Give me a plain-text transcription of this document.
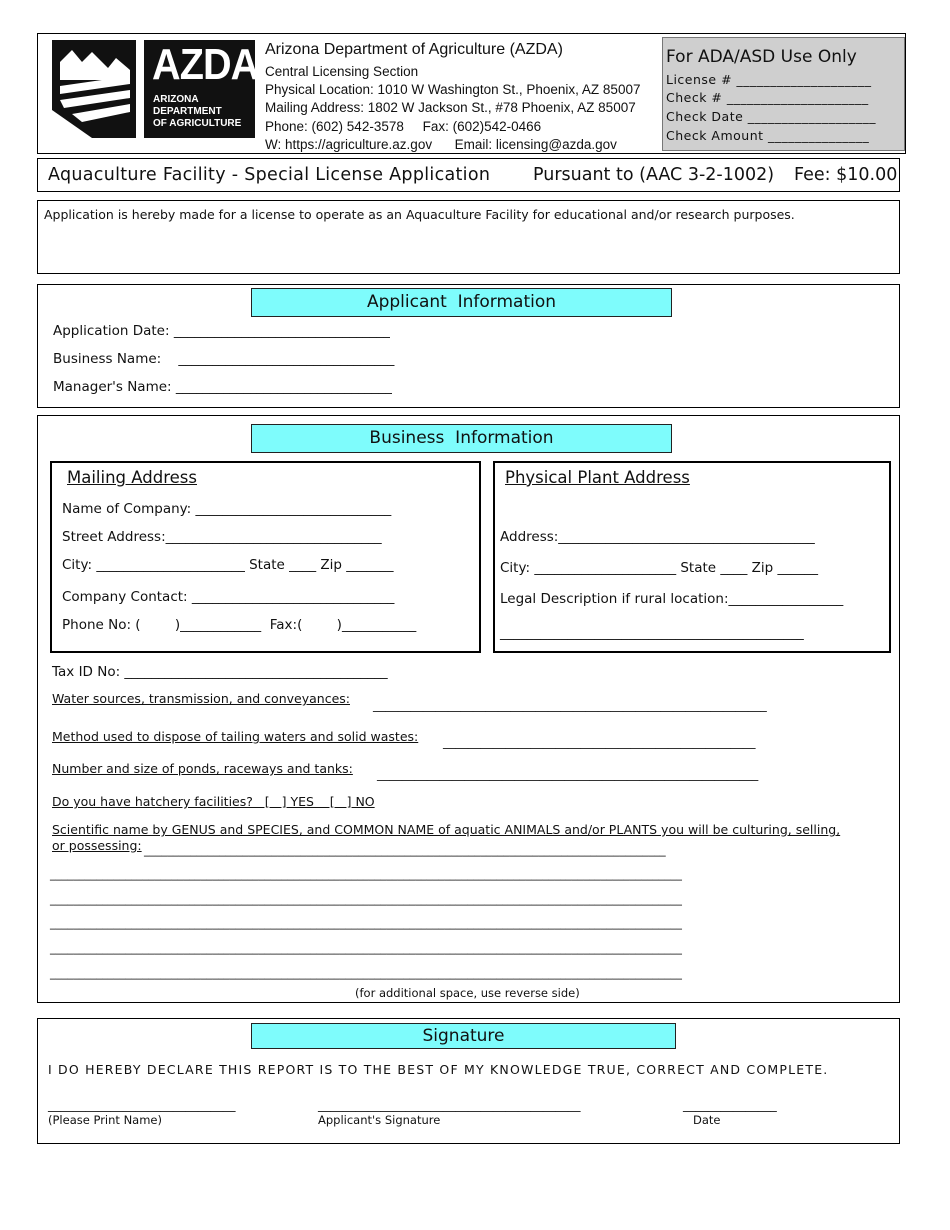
AZDA
ARIZONA
DEPARTMENT
OF AGRICULTURE
Arizona Department of Agriculture (AZDA)
Central Licensing Section
Physical Location: 1010 W Washington St., Phoenix, AZ 85007
Mailing Address: 1802 W Jackson St., #78 Phoenix, AZ 85007
Phone: (602) 542-3578     Fax: (602)542-0466
W: https://agriculture.az.gov      Email: licensing@azda.gov
For ADA/ASD Use Only
License # ____________________
Check # _____________________
Check Date ___________________
Check Amount _______________
Aquaculture Facility - Special License Application Pursuant to (AAC 3-2-1002) Fee: $10.00
Application is hereby made for a license to operate as an Aquaculture Facility for educational and/or research purposes.
Applicant  Information
Application Date: ________________________________
Business Name:    ________________________________
Manager's Name: ________________________________
Business  Information
Mailing Address
Name of Company: _____________________________
Street Address:________________________________
City: ______________________ State ____ Zip _______
Company Contact: ______________________________
Phone No: (        )____________  Fax:(        )___________
Physical Plant Address
Address:______________________________________
City: _____________________ State ____ Zip ______
Legal Description if rural location:_________________
_____________________________________________
Tax ID No: _______________________________________
Water sources, transmission, and conveyances: _______________________________________________________________
Method used to dispose of tailing waters and solid wastes: __________________________________________________
Number and size of ponds, raceways and tanks: _____________________________________________________________
Do you have hatchery facilities?   [   ] YES    [   ] NO
Scientific name by GENUS and SPECIES, and COMMON NAME of aquatic ANIMALS and/or PLANTS you will be culturing, selling,
or possessing: __________________________________________________________________________________________
_____________________________________________________________________________________________________________
_____________________________________________________________________________________________________________
_____________________________________________________________________________________________________________
_____________________________________________________________________________________________________________
_____________________________________________________________________________________________________________
(for additional space, use reverse side)
Signature
I DO HEREBY DECLARE THIS REPORT IS TO THE BEST OF MY KNOWLEDGE TRUE, CORRECT AND COMPLETE.
______________________________	__________________________________________	_______________
(Please Print Name)	Applicant's Signature	Date
